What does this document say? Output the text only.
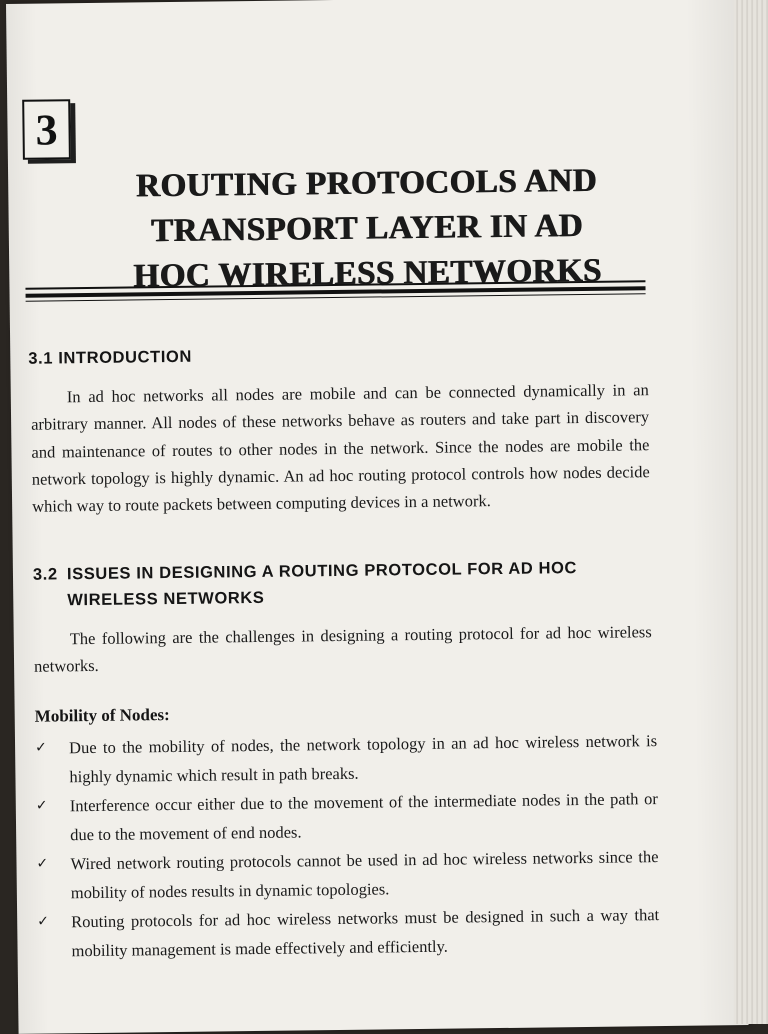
3
ROUTING PROTOCOLS AND
TRANSPORT LAYER IN AD
HOC WIRELESS NETWORKS
3.1 INTRODUCTION

In ad hoc networks all nodes are mobile and can be connected dynamically in an arbitrary manner. All nodes of these networks behave as routers and take part in discovery and maintenance of routes to other nodes in the network. Since the nodes are mobile the network topology is highly dynamic. An ad hoc routing protocol controls how nodes decide which way to route packets between computing devices in a network.

3.2 ISSUES IN DESIGNING A ROUTING PROTOCOL FOR AD HOC
WIRELESS NETWORKS

The following are the challenges in designing a routing protocol for ad hoc wireless networks.

Mobility of Nodes:

✓ Due to the mobility of nodes, the network topology in an ad hoc wireless network is highly dynamic which result in path breaks.
✓ Interference occur either due to the movement of the intermediate nodes in the path or due to the movement of end nodes.
✓ Wired network routing protocols cannot be used in ad hoc wireless networks since the mobility of nodes results in dynamic topologies.
✓ Routing protocols for ad hoc wireless networks must be designed in such a way that mobility management is made effectively and efficiently.
